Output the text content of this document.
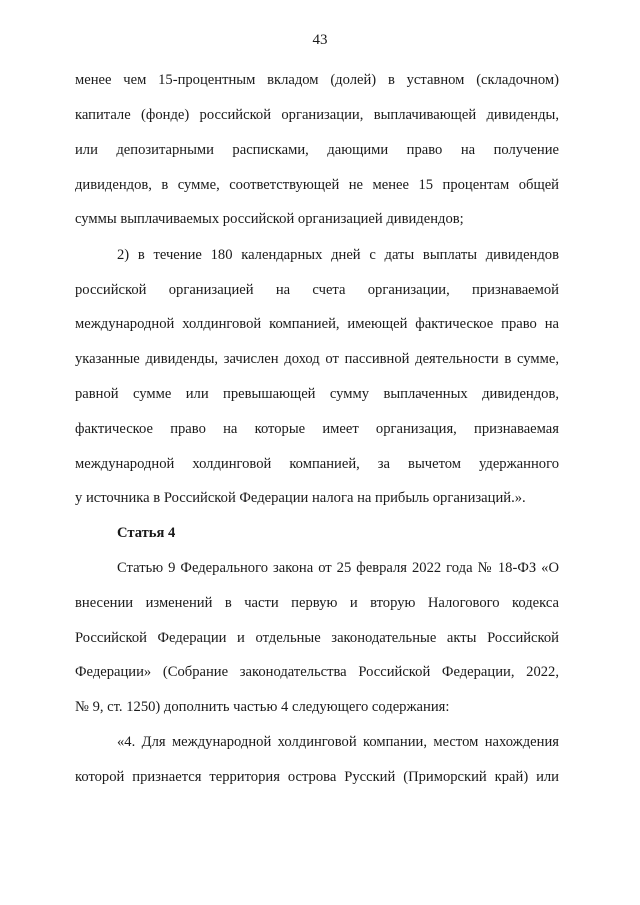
43
менее чем 15-процентным вкладом (долей) в уставном (складочном)
капитале (фонде) российской организации, выплачивающей дивиденды,
или депозитарными расписками, дающими право на получение
дивидендов, в сумме, соответствующей не менее 15 процентам общей
суммы выплачиваемых российской организацией дивидендов;
2) в течение 180 календарных дней с даты выплаты дивидендов
российской организацией на счета организации, признаваемой
международной холдинговой компанией, имеющей фактическое право на
указанные дивиденды, зачислен доход от пассивной деятельности в сумме,
равной сумме или превышающей сумму выплаченных дивидендов,
фактическое право на которые имеет организация, признаваемая
международной холдинговой компанией, за вычетом удержанного
у источника в Российской Федерации налога на прибыль организаций.».
Статья 4
Статью 9 Федерального закона от 25 февраля 2022 года № 18-ФЗ «О
внесении изменений в части первую и вторую Налогового кодекса
Российской Федерации и отдельные законодательные акты Российской
Федерации» (Собрание законодательства Российской Федерации, 2022,
№ 9, ст. 1250) дополнить частью 4 следующего содержания:
«4. Для международной холдинговой компании, местом нахождения
которой признается территория острова Русский (Приморский край) или
